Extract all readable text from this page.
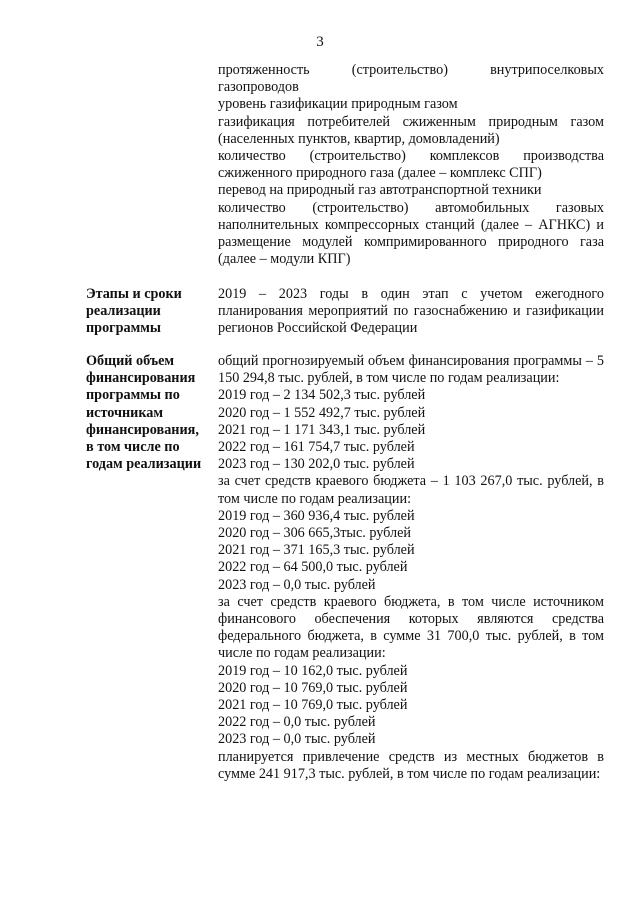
3

протяженность (строительство) внутрипоселковых газопроводов

уровень газификации природным газом

газификация потребителей сжиженным природным газом (населенных пунктов, квартир, домовладений)

количество (строительство) комплексов производства сжиженного природного газа (далее – комплекс СПГ)

перевод на природный газ автотранспортной техники

количество (строительство) автомобильных газовых наполнительных компрессорных станций (далее – АГНКС) и размещение модулей компримированного природного газа (далее – модули КПГ)

Этапы и сроки
реализации
программы

2019 – 2023 годы в один этап с учетом ежегодного планирования мероприятий по газоснабжению и газификации регионов Российской Федерации

Общий объем
финансирования
программы по
источникам
финансирования,
в том числе по
годам реализации

общий прогнозируемый объем финансирования программы – 5 150 294,8 тыс. рублей, в том числе по годам реализации:

2019 год – 2 134 502,3 тыс. рублей

2020 год – 1 552 492,7 тыс. рублей

2021 год – 1 171 343,1 тыс. рублей

2022 год – 161 754,7 тыс. рублей

2023 год – 130 202,0 тыс. рублей

за счет средств краевого бюджета – 1 103 267,0 тыс. рублей, в том числе по годам реализации:

2019 год – 360 936,4 тыс. рублей

2020 год – 306 665,3тыс. рублей

2021 год – 371 165,3 тыс. рублей

2022 год – 64 500,0 тыс. рублей

2023 год – 0,0 тыс. рублей

за счет средств краевого бюджета, в том числе источником финансового обеспечения которых являются средства федерального бюджета, в сумме 31 700,0 тыс. рублей, в том числе по годам реализации:

2019 год – 10 162,0 тыс. рублей

2020 год – 10 769,0 тыс. рублей

2021 год – 10 769,0 тыс. рублей

2022 год – 0,0 тыс. рублей

2023 год – 0,0 тыс. рублей

планируется привлечение средств из местных бюджетов в сумме 241 917,3 тыс. рублей, в том числе по годам реализации:
